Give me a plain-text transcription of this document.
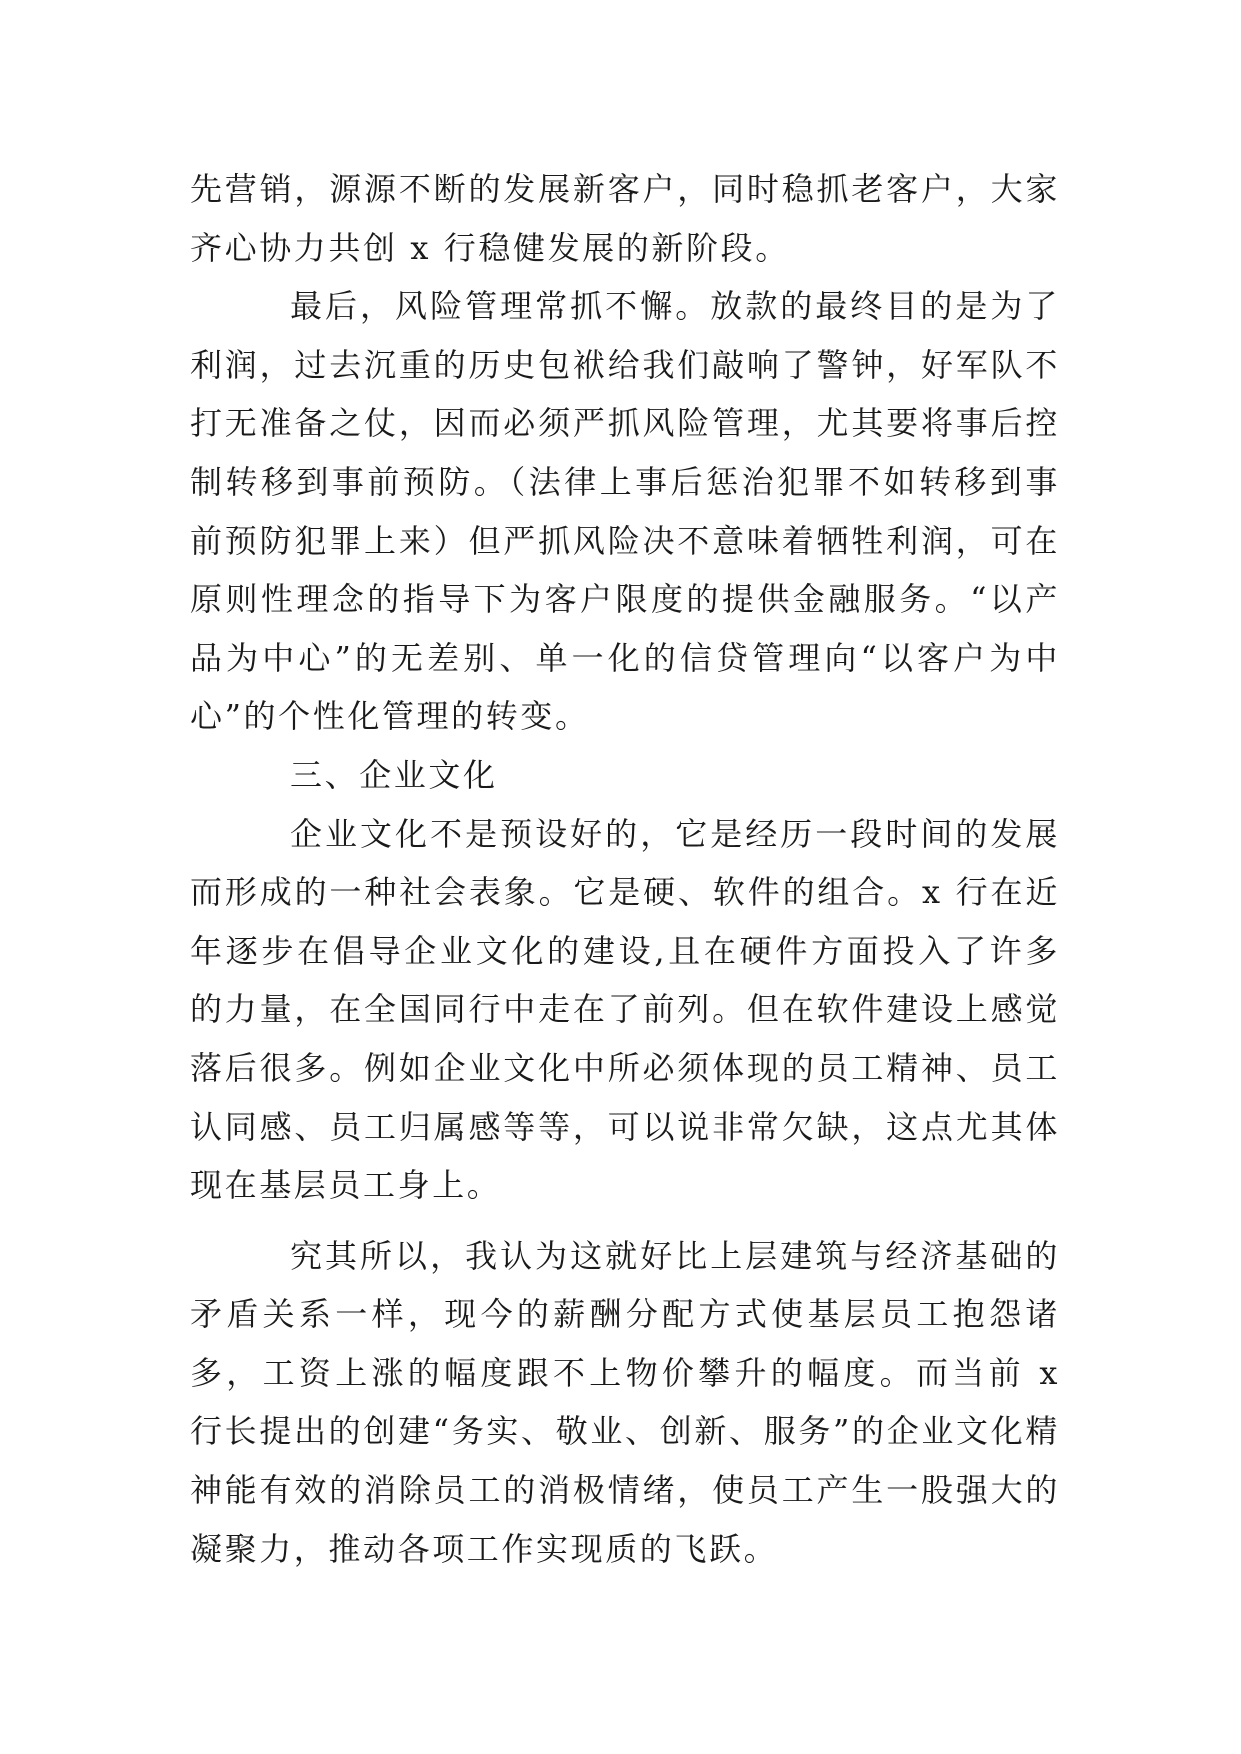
先营销，源源不断的发展新客户，同时稳抓老客户，大家齐心协力共创 x 行稳健发展的新阶段。

最后，风险管理常抓不懈。放款的最终目的是为了利润，过去沉重的历史包袱给我们敲响了警钟，好军队不打无准备之仗，因而必须严抓风险管理，尤其要将事后控制转移到事前预防。（法律上事后惩治犯罪不如转移到事前预防犯罪上来）但严抓风险决不意味着牺牲利润，可在原则性理念的指导下为客户限度的提供金融服务。“以产品为中心”的无差别、单一化的信贷管理向“以客户为中心”的个性化管理的转变。

三、企业文化

企业文化不是预设好的，它是经历一段时间的发展而形成的一种社会表象。它是硬、软件的组合。x 行在近年逐步在倡导企业文化的建设,且在硬件方面投入了许多的力量，在全国同行中走在了前列。但在软件建设上感觉落后很多。例如企业文化中所必须体现的员工精神、员工认同感、员工归属感等等，可以说非常欠缺，这点尤其体现在基层员工身上。

究其所以，我认为这就好比上层建筑与经济基础的矛盾关系一样，现今的薪酬分配方式使基层员工抱怨诸多，工资上涨的幅度跟不上物价攀升的幅度。而当前 x 行长提出的创建“务实、敬业、创新、服务”的企业文化精神能有效的消除员工的消极情绪，使员工产生一股强大的凝聚力，推动各项工作实现质的飞跃。
